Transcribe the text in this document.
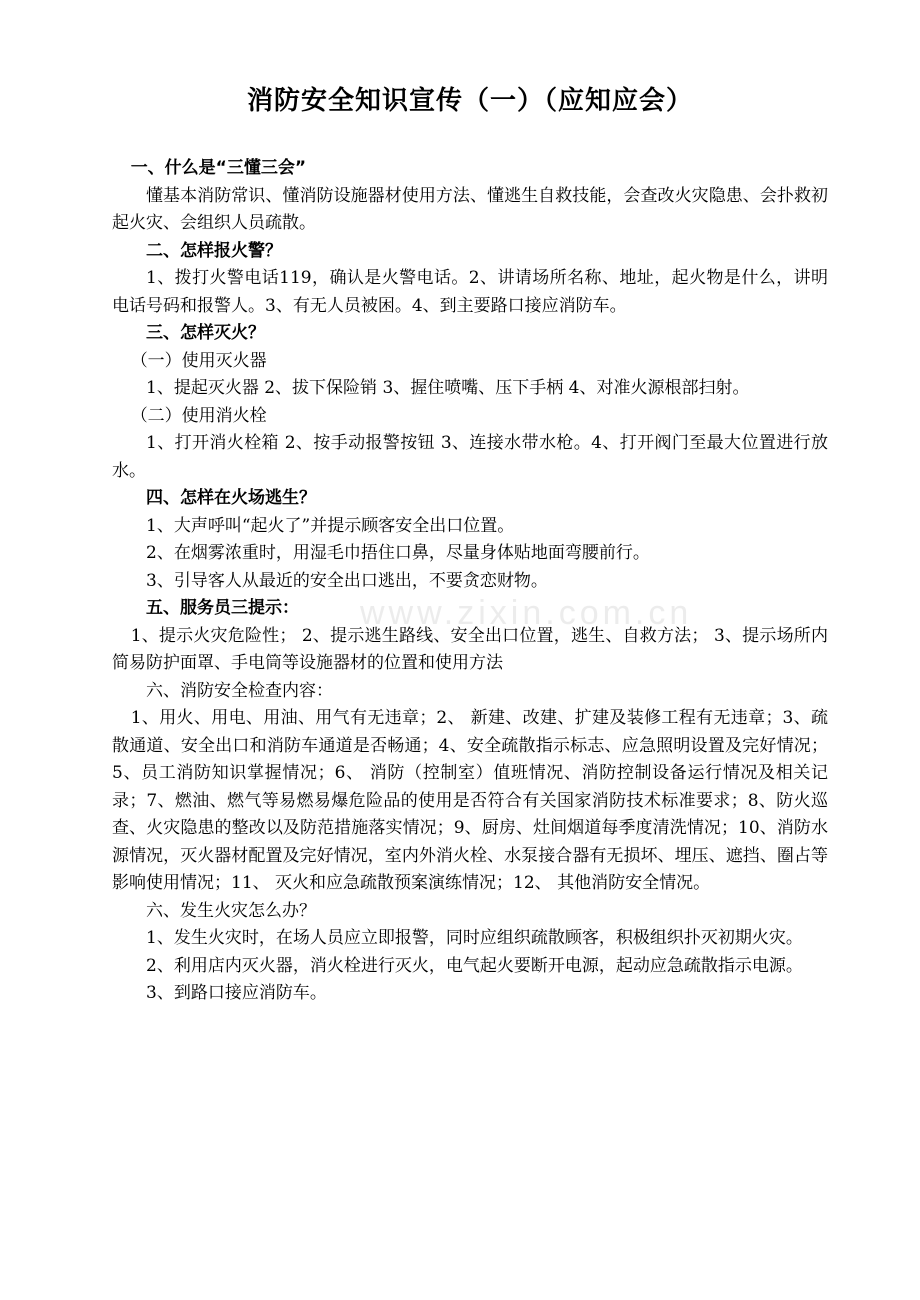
消防安全知识宣传（一）（应知应会）

一、什么是“三懂三会”

懂基本消防常识、懂消防设施器材使用方法、懂逃生自救技能，会查改火灾隐患、会扑救初起火灾、会组织人员疏散。

二、怎样报火警？

1、拨打火警电话119，确认是火警电话。2、讲请场所名称、地址，起火物是什么，讲明电话号码和报警人。3、有无人员被困。4、到主要路口接应消防车。

三、怎样灭火？

（一）使用灭火器

1、提起灭火器 2、拔下保险销 3、握住喷嘴、压下手柄 4、对准火源根部扫射。

（二）使用消火栓

1、打开消火栓箱 2、按手动报警按钮 3、连接水带水枪。4、打开阀门至最大位置进行放水。

四、怎样在火场逃生？

1、大声呼叫“起火了”并提示顾客安全出口位置。

2、在烟雾浓重时，用湿毛巾捂住口鼻，尽量身体贴地面弯腰前行。

3、引导客人从最近的安全出口逃出，不要贪恋财物。

五、服务员三提示：

1、提示火灾危险性； 2、提示逃生路线、安全出口位置，逃生、自救方法； 3、提示场所内简易防护面罩、手电筒等设施器材的位置和使用方法

六、消防安全检查内容：

1、用火、用电、用油、用气有无违章；2、 新建、改建、扩建及装修工程有无违章；3、疏散通道、安全出口和消防车通道是否畅通；4、安全疏散指示标志、应急照明设置及完好情况；5、员工消防知识掌握情况；6、 消防（控制室）值班情况、消防控制设备运行情况及相关记录；7、燃油、燃气等易燃易爆危险品的使用是否符合有关国家消防技术标准要求；8、防火巡查、火灾隐患的整改以及防范措施落实情况；9、厨房、灶间烟道每季度清洗情况；10、消防水源情况，灭火器材配置及完好情况，室内外消火栓、水泵接合器有无损坏、埋压、遮挡、圈占等影响使用情况；11、 灭火和应急疏散预案演练情况；12、 其他消防安全情况。

六、发生火灾怎么办？

1、发生火灾时，在场人员应立即报警，同时应组织疏散顾客，积极组织扑灭初期火灾。

2、利用店内灭火器，消火栓进行灭火，电气起火要断开电源，起动应急疏散指示电源。

3、到路口接应消防车。

www.zixin.com.cn
